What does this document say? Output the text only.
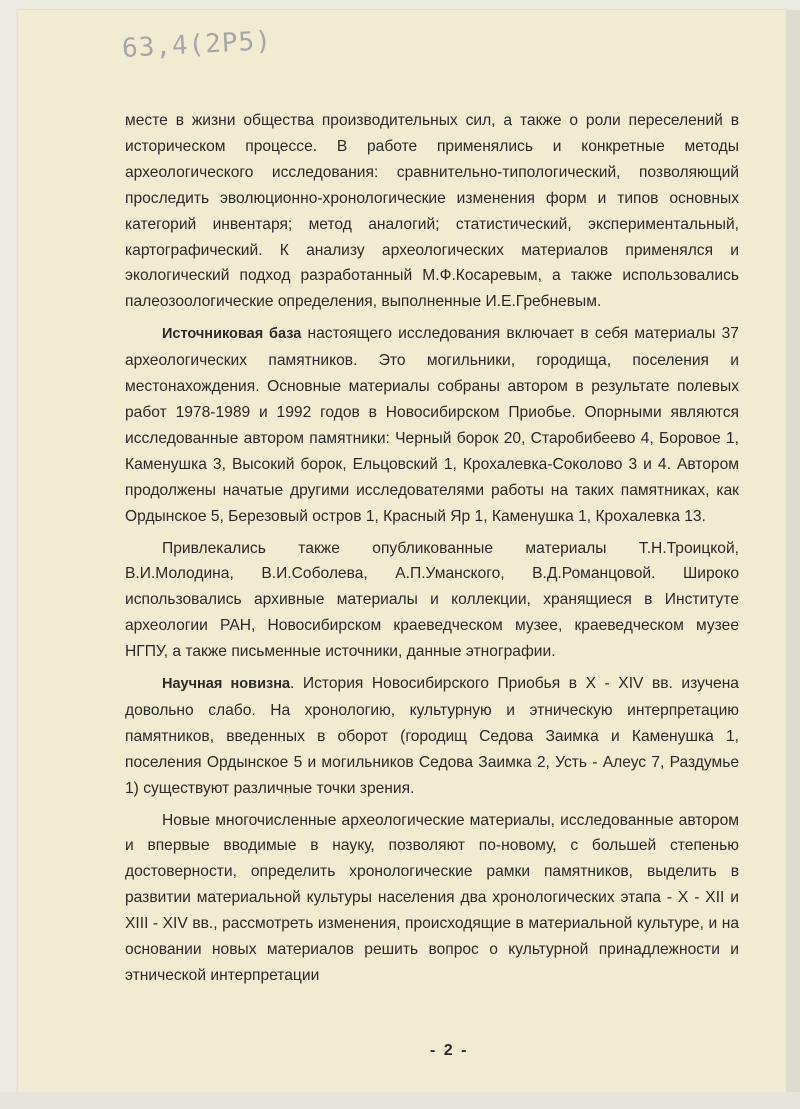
63,4(2Р5)

месте в жизни общества производительных сил, а также о роли переселений в историческом процессе. В работе применялись и конкретные методы археологического исследования: сравнительно-типологический, позволяющий проследить эволюционно-хронологические изменения форм и типов основных категорий инвентаря; метод аналогий; статистический, экспериментальный, картографический. К анализу археологических материалов применялся и экологический подход разработанный М.Ф.Косаревым, а также использовались палеозоологические определения, выполненные И.Е.Гребневым.

Источниковая база настоящего исследования включает в себя материалы 37 археологических памятников. Это могильники, городища, поселения и местонахождения. Основные материалы собраны автором в результате полевых работ 1978-1989 и 1992 годов в Новосибирском Приобье. Опорными являются исследованные автором памятники: Черный борок 20, Старобибеево 4, Боровое 1, Каменушка 3, Высокий борок, Ельцовский 1, Крохалевка-Соколово 3 и 4. Автором продолжены начатые другими исследователями работы на таких памятниках, как Ордынское 5, Березовый остров 1, Красный Яр 1, Каменушка 1, Крохалевка 13.

Привлекались также опубликованные материалы Т.Н.Троицкой, В.И.Молодина, В.И.Соболева, А.П.Уманского, В.Д.Романцовой. Широко использовались архивные материалы и коллекции, хранящиеся в Институте археологии РАН, Новосибирском краеведческом музее, краеведческом музее НГПУ, а также письменные источники, данные этнографии.

Научная новизна. История Новосибирского Приобья в X - XIV вв. изучена довольно слабо. На хронологию, культурную и этническую интерпретацию памятников, введенных в оборот (городищ Седова Заимка и Каменушка 1, поселения Ордынское 5 и могильников Седова Заимка 2, Усть - Алеус 7, Раздумье 1) существуют различные точки зрения.

Новые многочисленные археологические материалы, исследованные автором и впервые вводимые в науку, позволяют по-новому, с большей степенью достоверности, определить хронологические рамки памятников, выделить в развитии материальной культуры населения два хронологических этапа - X - XII и XIII - XIV вв., рассмотреть изменения, происходящие в материальной культуре, и на основании новых материалов решить вопрос о культурной принадлежности и этнической интерпретации

- 2 -
